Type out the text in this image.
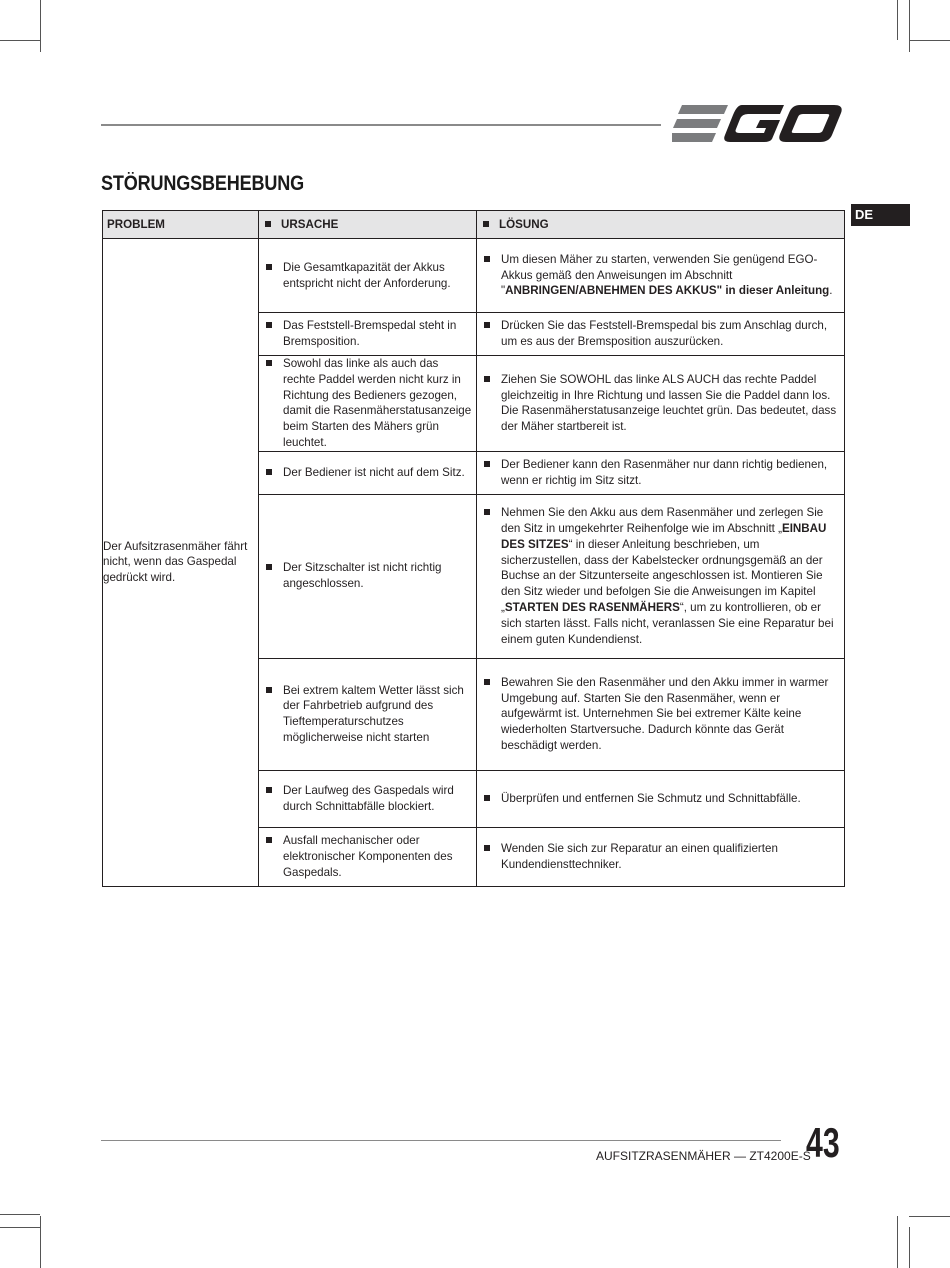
STÖRUNGSBEHEBUNG
DE
PROBLEM	URSACHE	LÖSUNG
Der Aufsitzrasenmäher fährt nicht, wenn das Gaspedal gedrückt wird.	Die Gesamtkapazität der Akkus entspricht nicht der Anforderung.	Um diesen Mäher zu starten, verwenden Sie genügend EGO-Akkus gemäß den Anweisungen im Abschnitt "ANBRINGEN/ABNEHMEN DES AKKUS" in dieser Anleitung.

Das Feststell-Bremspedal steht in Bremsposition.	Drücken Sie das Feststell-Bremspedal bis zum Anschlag durch, um es aus der Bremsposition auszurücken.

Sowohl das linke als auch das rechte Paddel werden nicht kurz in Richtung des Bedieners gezogen, damit die Rasenmäherstatusanzeige beim Starten des Mähers grün leuchtet.	Ziehen Sie SOWOHL das linke ALS AUCH das rechte Paddel gleichzeitig in Ihre Richtung und lassen Sie die Paddel dann los. Die Rasenmäherstatusanzeige leuchtet grün. Das bedeutet, dass der Mäher startbereit ist.

Der Bediener ist nicht auf dem Sitz.	Der Bediener kann den Rasenmäher nur dann richtig bedienen, wenn er richtig im Sitz sitzt.

Der Sitzschalter ist nicht richtig angeschlossen.	Nehmen Sie den Akku aus dem Rasenmäher und zerlegen Sie den Sitz in umgekehrter Reihenfolge wie im Abschnitt „EINBAU DES SITZES“ in dieser Anleitung beschrieben, um sicherzustellen, dass der Kabelstecker ordnungsgemäß an der Buchse an der Sitzunterseite angeschlossen ist. Montieren Sie den Sitz wieder und befolgen Sie die Anweisungen im Kapitel „STARTEN DES RASENMÄHERS“, um zu kontrollieren, ob er sich starten lässt. Falls nicht, veranlassen Sie eine Reparatur bei einem guten Kundendienst.

Bei extrem kaltem Wetter lässt sich der Fahrbetrieb aufgrund des Tieftemperaturschutzes möglicherweise nicht starten	Bewahren Sie den Rasenmäher und den Akku immer in warmer Umgebung auf. Starten Sie den Rasenmäher, wenn er aufgewärmt ist. Unternehmen Sie bei extremer Kälte keine wiederholten Startversuche. Dadurch könnte das Gerät beschädigt werden.

Der Laufweg des Gaspedals wird durch Schnittabfälle blockiert.	Überprüfen und entfernen Sie Schmutz und Schnittabfälle.

Ausfall mechanischer oder elektronischer Komponenten des Gaspedals.	Wenden Sie sich zur Reparatur an einen qualifizierten Kundendiensttechniker.
AUFSITZRASENMÄHER — ZT4200E-S
43
